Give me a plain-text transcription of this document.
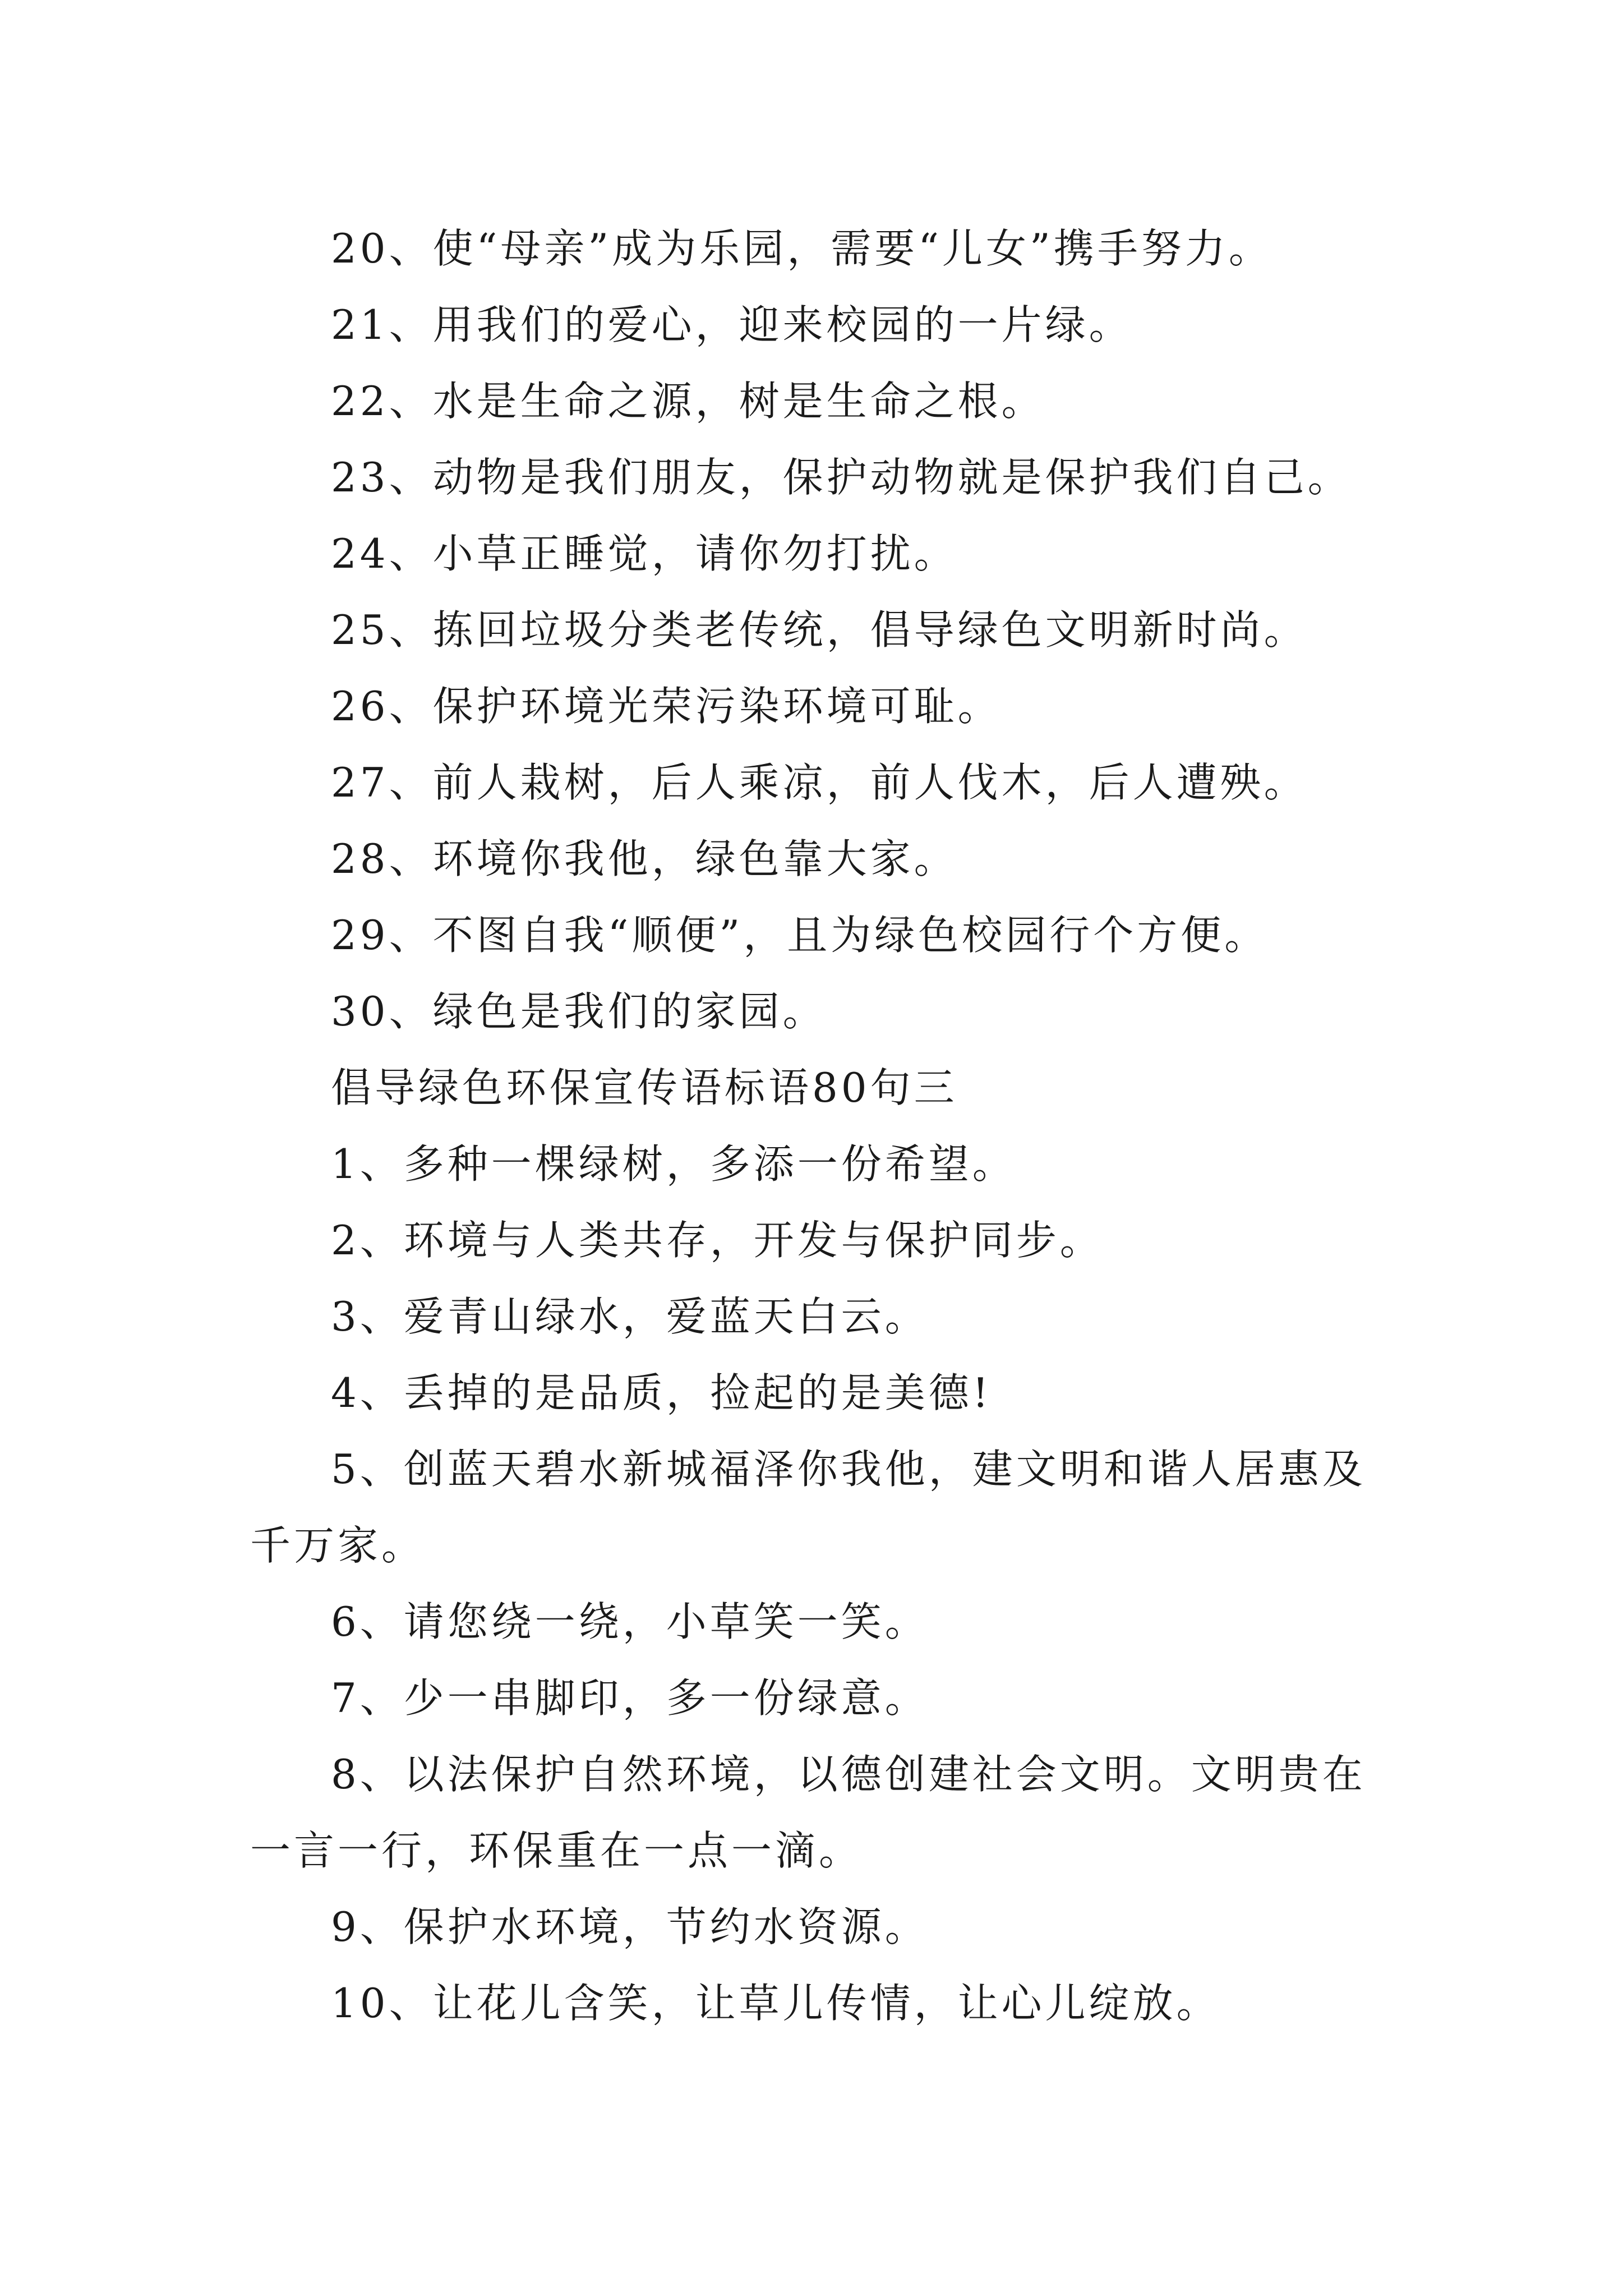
20、使“母亲”成为乐园，需要“儿女”携手努力。

21、用我们的爱心，迎来校园的一片绿。

22、水是生命之源，树是生命之根。

23、动物是我们朋友，保护动物就是保护我们自己。

24、小草正睡觉，请你勿打扰。

25、拣回垃圾分类老传统，倡导绿色文明新时尚。

26、保护环境光荣污染环境可耻。

27、前人栽树，后人乘凉，前人伐木，后人遭殃。

28、环境你我他，绿色靠大家。

29、不图自我“顺便”，且为绿色校园行个方便。

30、绿色是我们的家园。

倡导绿色环保宣传语标语80句三

1、多种一棵绿树，多添一份希望。

2、环境与人类共存，开发与保护同步。

3、爱青山绿水，爱蓝天白云。

4、丢掉的是品质，捡起的是美德!

5、创蓝天碧水新城福泽你我他，建文明和谐人居惠及千万家。

6、请您绕一绕，小草笑一笑。

7、少一串脚印，多一份绿意。

8、以法保护自然环境，以德创建社会文明。文明贵在一言一行，环保重在一点一滴。

9、保护水环境，节约水资源。

10、让花儿含笑，让草儿传情，让心儿绽放。
